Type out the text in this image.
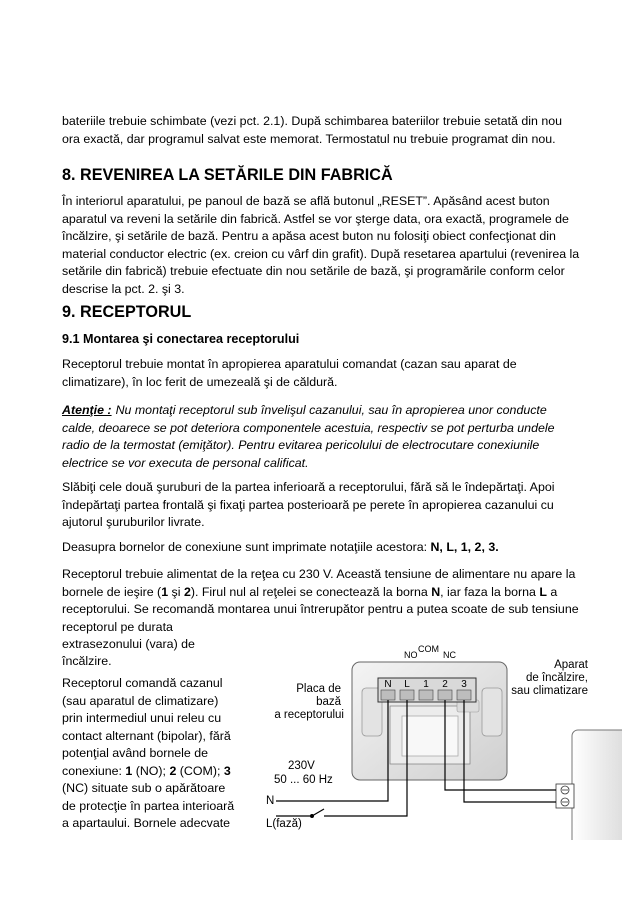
bateriile trebuie schimbate (vezi pct. 2.1). După schimbarea bateriilor trebuie setată din nou ora exactă, dar programul salvat este memorat. Termostatul nu trebuie programat din nou.

8. REVENIREA LA SETĂRILE DIN FABRICĂ

În interiorul aparatului, pe panoul de bază se află butonul „RESET”. Apăsând acest buton aparatul va reveni la setările din fabrică. Astfel se vor şterge data, ora exactă, programele de încălzire, şi setările de bază. Pentru a apăsa acest buton nu folosiţi obiect confecţionat din material conductor electric (ex. creion cu vârf din grafit). După resetarea apartului (revenirea la setările din fabrică) trebuie efectuate din nou setările de bază, şi programările conform celor descrise la pct. 2. şi 3.

9. RECEPTORUL
9.1 Montarea şi conectarea receptorului

Receptorul trebuie montat în apropierea aparatului comandat (cazan sau aparat de climatizare), în loc ferit de umezeală şi de căldură.

Atenţie : Nu montaţi receptorul sub învelişul cazanului, sau în apropierea unor conducte calde, deoarece se pot deteriora componentele acestuia, respectiv se pot perturba undele radio de la termostat (emiţător). Pentru evitarea pericolului de electrocutare conexiunile electrice se vor executa de personal calificat.

Slăbiţi cele două şuruburi de la partea inferioară a receptorului, fără să le îndepărtaţi. Apoi îndepărtaţi partea frontală şi fixaţi partea posterioară pe perete în apropierea cazanului cu ajutorul şuruburilor livrate.

Deasupra bornelor de conexiune sunt imprimate notaţiile acestora: N, L, 1, 2, 3.

Receptorul trebuie alimentat de la reţea cu 230 V. Această tensiune de alimentare nu apare la bornele de ieşire (1 şi 2). Firul nul al reţelei se conectează la borna N, iar faza la borna L a receptorului. Se recomandă montarea unui întrerupător pentru a putea scoate de sub tensiune receptorul pe durata

extrasezonului (vara) de

încălzire.

Receptorul comandă cazanul
(sau aparatul de climatizare)
prin intermediul unui releu cu
contact alternant (bipolar), fără
potenţial având bornele de
conexiune: 1 (NO); 2 (COM); 3
(NC) situate sub o apărătoare
de protecţie în partea interioară
a apartaului. Bornele adecvate
N L 1 2 3
NO
COM
NC
Placa de
bază
a receptorului
Aparat
de încălzire,
sau climatizare
230V
50 ... 60 Hz
N
L(fază)
